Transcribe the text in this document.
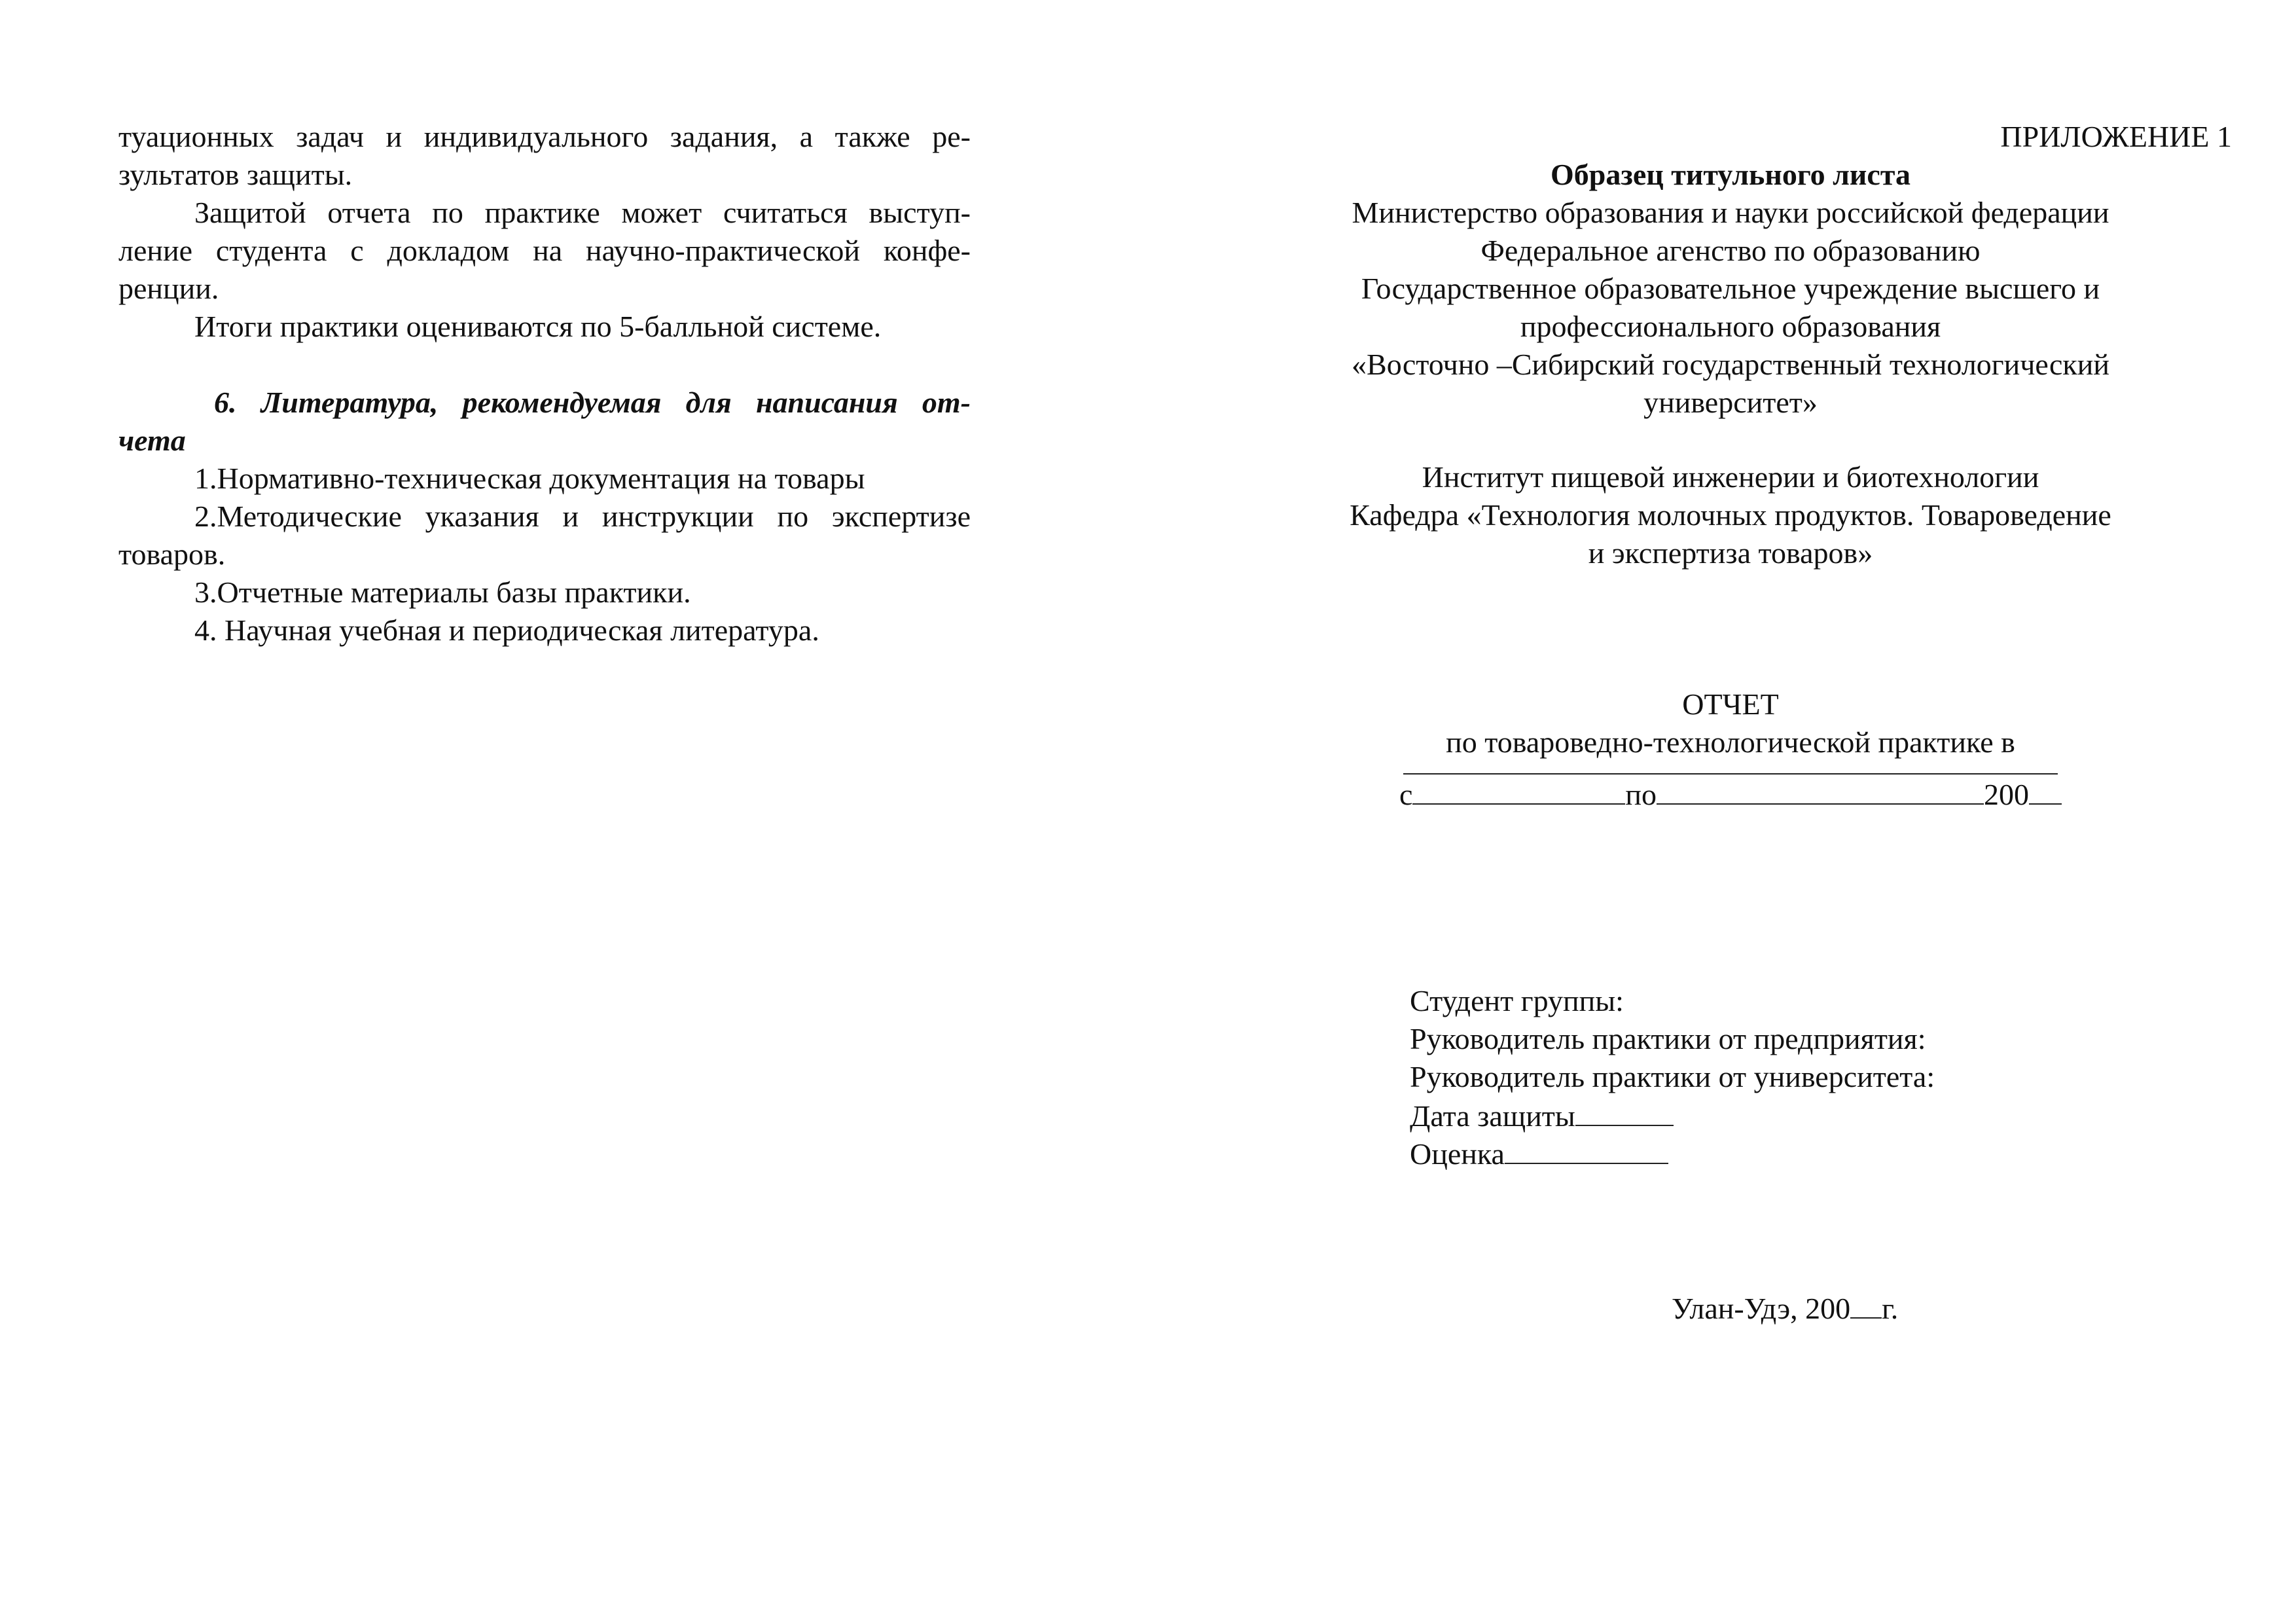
туационных задач и индивидуального задания, а также ре-
зультатов защиты.
Защитой отчета по практике может считаться выступ-
ление студента с докладом на научно-практической конфе-
ренции.
Итоги практики оцениваются по 5-балльной системе.
6. Литература, рекомендуемая для написания от-
чета
1.Нормативно-техническая документация на товары
2.Методические указания и инструкции по экспертизе
товаров.
3.Отчетные материалы базы практики.
4. Научная учебная и периодическая литература.
ПРИЛОЖЕНИЕ 1
Образец титульного листа
Министерство образования и науки российской федерации
Федеральное агенство по образованию
Государственное образовательное учреждение высшего и
профессионального образования
«Восточно –Сибирский государственный технологический
университет»
Институт пищевой инженерии и биотехнологии
Кафедра «Технология молочных продуктов. Товароведение
и экспертиза товаров»
ОТЧЕТ
по товароведно-технологической практике в
с	по	200
Студент группы:
Руководитель практики от предприятия:
Руководитель практики от университета:
Дата защиты
Оценка
Улан-Удэ, 200 г.
